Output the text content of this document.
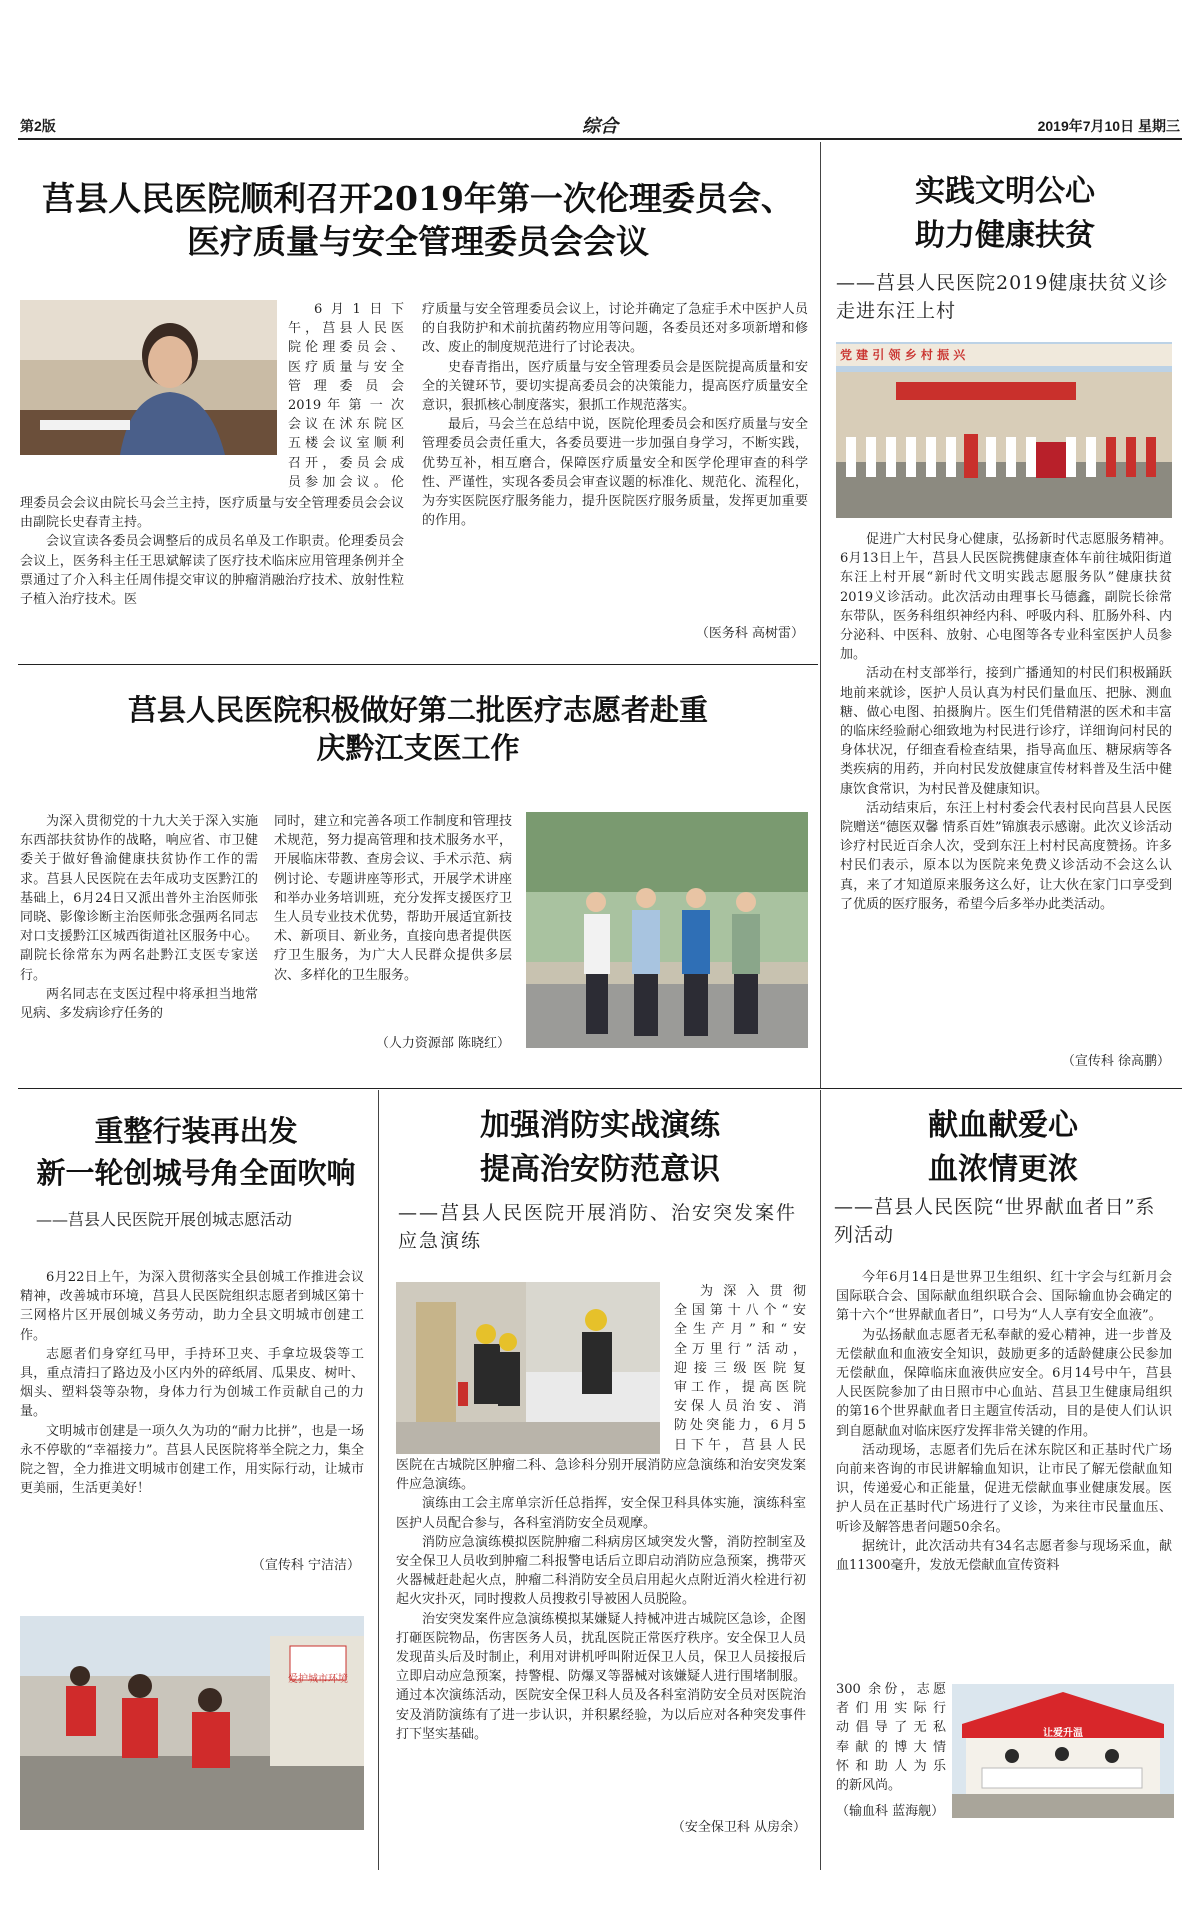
第2版	综合	2019年7月10日 星期三
莒县人民医院顺利召开2019年第一次伦理委员会、
医疗质量与安全管理委员会会议
6月1日下
午，莒县人民医
院伦理委员会、
医疗质量与安全
管 理 委 员 会
2019 年 第 一 次
会议在沭东院区
五楼会议室顺利
召开，委员会成
员参加会议。伦

理委员会会议由院长马会兰主持，医疗质量与安全管理委员会会议由副院长史春青主持。

会议宣读各委员会调整后的成员名单及工作职责。伦理委员会会议上，医务科主任王思斌解读了医疗技术临床应用管理条例并全票通过了介入科主任周伟提交审议的肿瘤消融治疗技术、放射性粒子植入治疗技术。医

疗质量与安全管理委员会议上，讨论并确定了急症手术中医护人员的自我防护和术前抗菌药物应用等问题，各委员还对多项新增和修改、废止的制度规范进行了讨论表决。

史春青指出，医疗质量与安全管理委员会是医院提高质量和安全的关键环节，要切实提高委员会的决策能力，提高医疗质量安全意识，狠抓核心制度落实，狠抓工作规范落实。

最后，马会兰在总结中说，医院伦理委员会和医疗质量与安全管理委员会责任重大，各委员要进一步加强自身学习，不断实践，优势互补，相互磨合，保障医疗质量安全和医学伦理审查的科学性、严谨性，实现各委员会审查议题的标准化、规范化、流程化，为夯实医院医疗服务能力，提升医院医疗服务质量，发挥更加重要的作用。

（医务科 高树雷）
实践文明公心
助力健康扶贫
——莒县人民医院2019健康扶贫义诊走进东汪上村
党 建 引 领 乡 村 振 兴

促进广大村民身心健康，弘扬新时代志愿服务精神。6月13日上午，莒县人民医院携健康查体车前往城阳街道东汪上村开展“新时代文明实践志愿服务队”健康扶贫2019义诊活动。此次活动由理事长马德鑫，副院长徐常东带队，医务科组织神经内科、呼吸内科、肛肠外科、内分泌科、中医科、放射、心电图等各专业科室医护人员参加。

活动在村支部举行，接到广播通知的村民们积极踊跃地前来就诊，医护人员认真为村民们量血压、把脉、测血糖、做心电图、拍摄胸片。医生们凭借精湛的医术和丰富的临床经验耐心细致地为村民进行诊疗，详细询问村民的身体状况，仔细查看检查结果，指导高血压、糖尿病等各类疾病的用药，并向村民发放健康宣传材料普及生活中健康饮食常识，为村民普及健康知识。

活动结束后，东汪上村村委会代表村民向莒县人民医院赠送“德医双馨 情系百姓”锦旗表示感谢。此次义诊活动诊疗村民近百余人次，受到东汪上村村民高度赞扬。许多村民们表示，原本以为医院来免费义诊活动不会这么认真，来了才知道原来服务这么好，让大伙在家门口享受到了优质的医疗服务，希望今后多举办此类活动。

（宣传科 徐高鹏）
莒县人民医院积极做好第二批医疗志愿者赴重
庆黔江支医工作

为深入贯彻党的十九大关于深入实施东西部扶贫协作的战略，响应省、市卫健委关于做好鲁渝健康扶贫协作工作的需求。莒县人民医院在去年成功支医黔江的基础上，6月24日又派出普外主治医师张同晓、影像诊断主治医师张念强两名同志对口支援黔江区城西街道社区服务中心。副院长徐常东为两名赴黔江支医专家送行。

两名同志在支医过程中将承担当地常见病、多发病诊疗任务的

同时，建立和完善各项工作制度和管理技术规范，努力提高管理和技术服务水平，开展临床带教、查房会议、手术示范、病例讨论、专题讲座等形式，开展学术讲座和举办业务培训班，充分发挥支援医疗卫生人员专业技术优势，帮助开展适宜新技术、新项目、新业务，直接向患者提供医疗卫生服务，为广大人民群众提供多层次、多样化的卫生服务。

（人力资源部 陈晓红）
重整行装再出发
新一轮创城号角全面吹响
——莒县人民医院开展创城志愿活动

6月22日上午，为深入贯彻落实全县创城工作推进会议精神，改善城市环境，莒县人民医院组织志愿者到城区第十三网格片区开展创城义务劳动，助力全县文明城市创建工作。

志愿者们身穿红马甲，手持环卫夹、手拿垃圾袋等工具，重点清扫了路边及小区内外的碎纸屑、瓜果皮、树叶、烟头、塑料袋等杂物，身体力行为创城工作贡献自己的力量。

文明城市创建是一项久久为功的“耐力比拼”，也是一场永不停歇的“幸福接力”。莒县人民医院将举全院之力，集全院之智，全力推进文明城市创建工作，用实际行动，让城市更美丽，生活更美好！

（宣传科 宁洁洁）
爱护城市环境
加强消防实战演练
提高治安防范意识
——莒县人民医院开展消防、治安突发案件应急演练
为深入贯彻
全国第十八个“安
全生产月”和“安
全万里行”活动，
迎接三级医院复
审工作，提高医院
安保人员治安、消
防处突能力，6月5
日下午，莒县人民

医院在古城院区肿瘤二科、急诊科分别开展消防应急演练和治安突发案件应急演练。

演练由工会主席单宗沂任总指挥，安全保卫科具体实施，演练科室医护人员配合参与，各科室消防安全员观摩。

消防应急演练模拟医院肿瘤二科病房区域突发火警，消防控制室及安全保卫人员收到肿瘤二科报警电话后立即启动消防应急预案，携带灭火器械赶赴起火点，肿瘤二科消防安全员启用起火点附近消火栓进行初起火灾扑灭，同时搜救人员搜救引导被困人员脱险。

治安突发案件应急演练模拟某嫌疑人持械冲进古城院区急诊，企图打砸医院物品，伤害医务人员，扰乱医院正常医疗秩序。安全保卫人员发现苗头后及时制止，利用对讲机呼叫附近保卫人员，保卫人员接报后立即启动应急预案，持警棍、防爆叉等器械对该嫌疑人进行围堵制服。通过本次演练活动，医院安全保卫科人员及各科室消防安全员对医院治安及消防演练有了进一步认识，并积累经验，为以后应对各种突发事件打下坚实基础。

（安全保卫科 从房余）
献血献爱心
血浓情更浓
——莒县人民医院“世界献血者日”系列活动

今年6月14日是世界卫生组织、红十字会与红新月会国际联合会、国际献血组织联合会、国际输血协会确定的第十六个“世界献血者日”，口号为“人人享有安全血液”。

为弘扬献血志愿者无私奉献的爱心精神，进一步普及无偿献血和血液安全知识，鼓励更多的适龄健康公民参加无偿献血，保障临床血液供应安全。6月14号中午，莒县人民医院参加了由日照市中心血站、莒县卫生健康局组织的第16个世界献血者日主题宣传活动，目的是使人们认识到自愿献血对临床医疗发挥非常关键的作用。

活动现场，志愿者们先后在沭东院区和正基时代广场向前来咨询的市民讲解输血知识，让市民了解无偿献血知识，传递爱心和正能量，促进无偿献血事业健康发展。医护人员在正基时代广场进行了义诊，为来往市民量血压、听诊及解答患者问题50余名。

据统计，此次活动共有34名志愿者参与现场采血，献血11300毫升，发放无偿献血宣传资料

300 余份，志愿
者们用实际行
动倡导了无私
奉献的博大情
怀和助人为乐
的新风尚。
（输血科 蓝海舰）
让爱升温
